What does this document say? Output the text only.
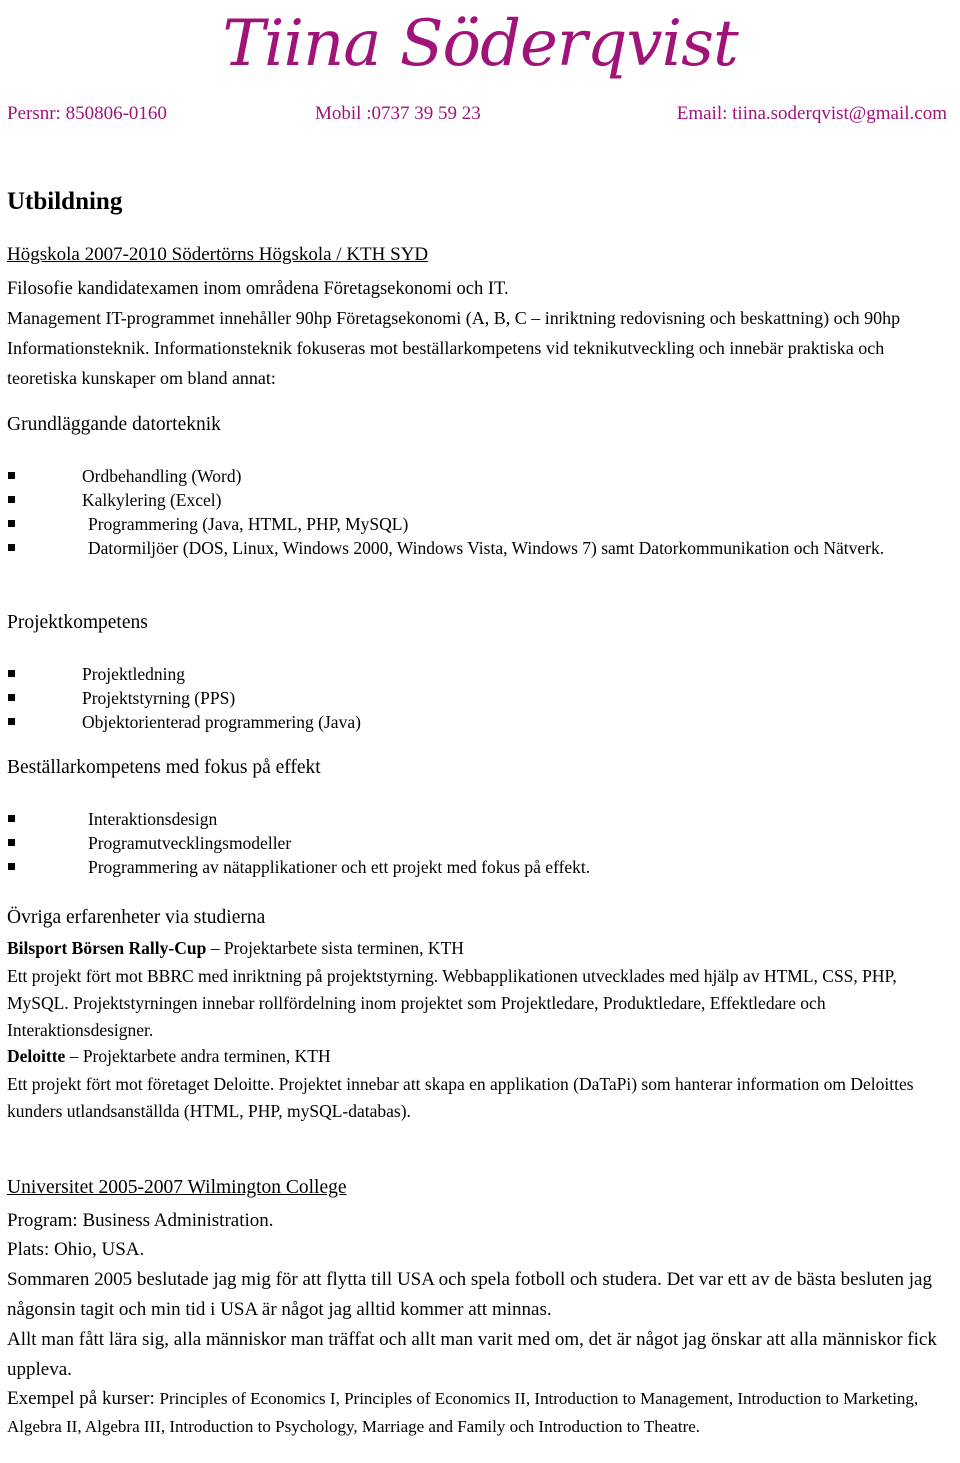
Tiina Söderqvist
Persnr: 850806-0160	Mobil :0737 39 59 23	Email: tiina.soderqvist@gmail.com
Utbildning
Högskola 2007-2010 Södertörns Högskola / KTH SYD
Filosofie kandidatexamen inom områdena Företagsekonomi och IT.
Management IT-programmet innehåller 90hp Företagsekonomi (A, B, C – inriktning redovisning och beskattning) och 90hp Informationsteknik. Informationsteknik fokuseras mot beställarkompetens vid teknikutveckling och innebär praktiska och teoretiska kunskaper om bland annat:
Grundläggande datorteknik
Ordbehandling (Word)
Kalkylering (Excel)
Programmering (Java, HTML, PHP, MySQL)
Datormiljöer (DOS, Linux, Windows 2000, Windows Vista, Windows 7) samt Datorkommunikation och Nätverk.
Projektkompetens
Projektledning
Projektstyrning (PPS)
Objektorienterad programmering (Java)
Beställarkompetens med fokus på effekt
Interaktionsdesign
Programutvecklingsmodeller
Programmering av nätapplikationer och ett projekt med fokus på effekt.
Övriga erfarenheter via studierna
Bilsport Börsen Rally-Cup – Projektarbete sista terminen, KTH
Ett projekt fört mot BBRC med inriktning på projektstyrning. Webbapplikationen utvecklades med hjälp av HTML, CSS, PHP, MySQL. Projektstyrningen innebar rollfördelning inom projektet som Projektledare, Produktledare, Effektledare och Interaktionsdesigner.
Deloitte – Projektarbete andra terminen, KTH
Ett projekt fört mot företaget Deloitte. Projektet innebar att skapa en applikation (DaTaPi) som hanterar information om Deloittes kunders utlandsanställda (HTML, PHP, mySQL-databas).
Universitet 2005-2007 Wilmington College
Program: Business Administration.
Plats: Ohio, USA.
Sommaren 2005 beslutade jag mig för att flytta till USA och spela fotboll och studera. Det var ett av de bästa besluten jag någonsin tagit och min tid i USA är något jag alltid kommer att minnas.
Allt man fått lära sig, alla människor man träffat och allt man varit med om, det är något jag önskar att alla människor fick uppleva.
Exempel på kurser: Principles of Economics I, Principles of Economics II, Introduction to Management, Introduction to Marketing, Algebra II, Algebra III, Introduction to Psychology, Marriage and Family och Introduction to Theatre.
